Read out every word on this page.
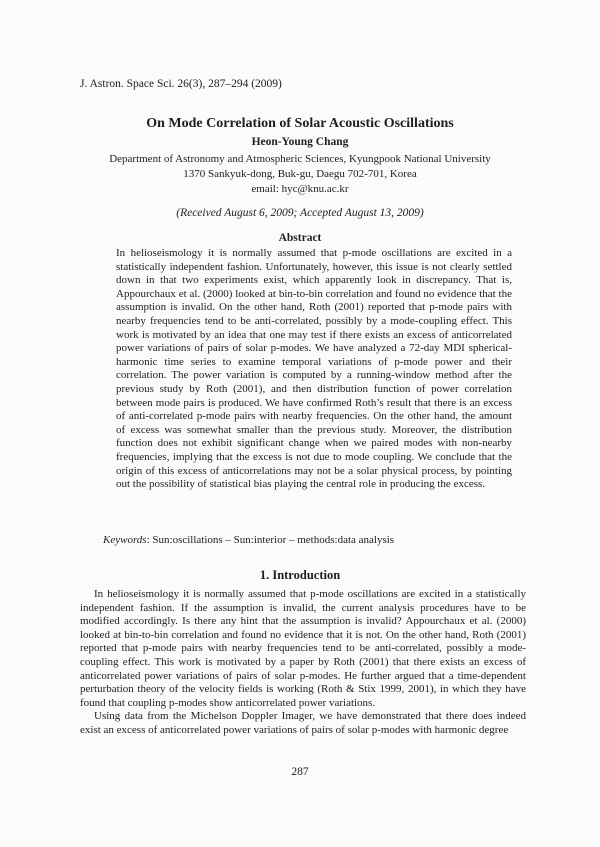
J. Astron. Space Sci. 26(3), 287–294 (2009)
On Mode Correlation of Solar Acoustic Oscillations
Heon-Young Chang
Department of Astronomy and Atmospheric Sciences, Kyungpook National University
1370 Sankyuk-dong, Buk-gu, Daegu 702-701, Korea
email: hyc@knu.ac.kr
(Received August 6, 2009; Accepted August 13, 2009)
Abstract
In helioseismology it is normally assumed that p-mode oscillations are excited in a statistically independent fashion. Unfortunately, however, this issue is not clearly settled down in that two experiments exist, which apparently look in discrepancy. That is, Appourchaux et al. (2000) looked at bin-to-bin correlation and found no evidence that the assumption is invalid. On the other hand, Roth (2001) reported that p-mode pairs with nearby frequencies tend to be anti-correlated, possibly by a mode-coupling effect. This work is motivated by an idea that one may test if there exists an excess of anticorrelated power variations of pairs of solar p-modes. We have analyzed a 72-day MDI spherical-harmonic time series to examine temporal variations of p-mode power and their correlation. The power variation is computed by a running-window method after the previous study by Roth (2001), and then distribution function of power correlation between mode pairs is produced. We have confirmed Roth’s result that there is an excess of anti-correlated p-mode pairs with nearby frequencies. On the other hand, the amount of excess was somewhat smaller than the previous study. Moreover, the distribution function does not exhibit significant change when we paired modes with non-nearby frequencies, implying that the excess is not due to mode coupling. We conclude that the origin of this excess of anticorrelations may not be a solar physical process, by pointing out the possibility of statistical bias playing the central role in producing the excess.
Keywords: Sun:oscillations – Sun:interior – methods:data analysis
1. Introduction

In helioseismology it is normally assumed that p-mode oscillations are excited in a statistically independent fashion. If the assumption is invalid, the current analysis procedures have to be modified accordingly. Is there any hint that the assumption is invalid? Appourchaux et al. (2000) looked at bin-to-bin correlation and found no evidence that it is not. On the other hand, Roth (2001) reported that p-mode pairs with nearby frequencies tend to be anti-correlated, possibly a mode-coupling effect. This work is motivated by a paper by Roth (2001) that there exists an excess of anticorrelated power variations of pairs of solar p-modes. He further argued that a time-dependent perturbation theory of the velocity fields is working (Roth & Stix 1999, 2001), in which they have found that coupling p-modes show anticorrelated power variations.

Using data from the Michelson Doppler Imager, we have demonstrated that there does indeed exist an excess of anticorrelated power variations of pairs of solar p-modes with harmonic degree

287
